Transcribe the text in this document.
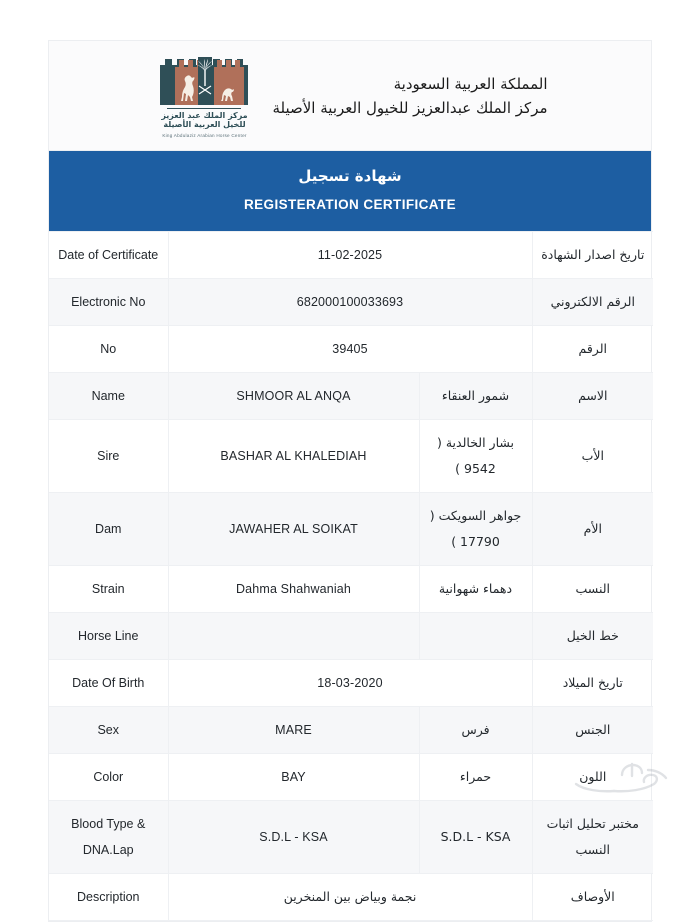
مركز الملك عبد العزيز
للخيل العربية الأصيلة
King Abdulaziz Arabian Horse Center
المملكة العربية السعودية
مركز الملك عبدالعزيز للخيول العربية الأصيلة
شهادة تسجيل
REGISTERATION CERTIFICATE
Date of Certificate	11-02-2025		تاريخ اصدار الشهادة
Electronic No	682000100033693		الرقم الالكتروني
No	39405		الرقم
Name	SHMOOR AL ANQA	شمور العنقاء	الاسم
Sire	BASHAR AL KHALEDIAH	بشار الخالدية ( 9542 )	الأب
Dam	JAWAHER AL SOIKAT	جواهر السويكت ( 17790 )	الأم
Strain	Dahma Shahwaniah	دهماء شهوانية	النسب
Horse Line			خط الخيل
Date Of Birth	18-03-2020		تاريخ الميلاد
Sex	MARE	فرس	الجنس
Color	BAY	حمراء	اللون
Blood Type & DNA.Lap	S.D.L - KSA	S.D.L - KSA	مختبر تحليل اثبات النسب
Description	نجمة وبياض بين المنخرين		الأوصاف
